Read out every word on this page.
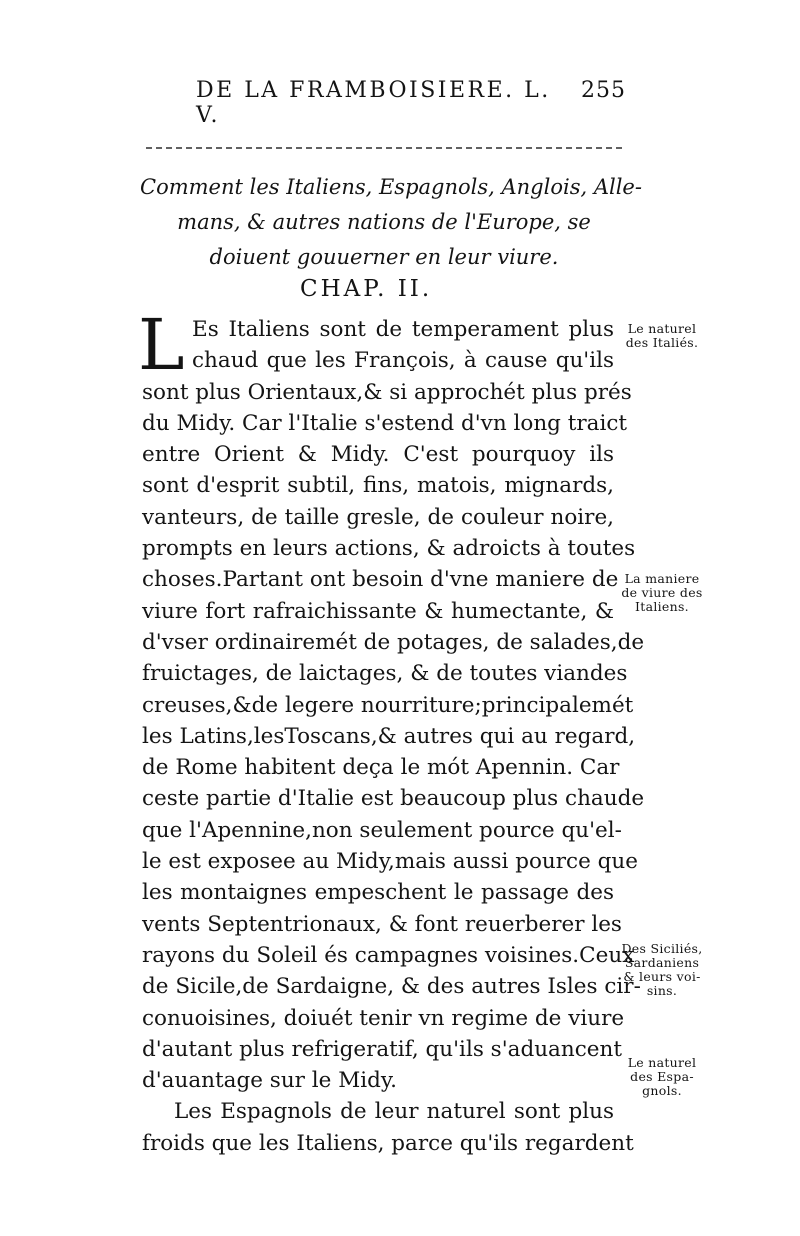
DE LA FRAMBOISIERE. L. V.
255
Comment les Italiens, Espagnols, Anglois, Alle-
mans, & autres nations de l'Europe, se
doiuent gouuerner en leur viure.
CHAP. II.
L Es Italiens sont de temperament plus
chaud que les François, à cause qu'ils
sont plus Orientaux,& si approchét plus prés
du Midy. Car l'Italie s'estend d'vn long traict
entre Orient & Midy. C'est pourquoy ils
sont d'esprit subtil, fins, matois, mignards,
vanteurs, de taille gresle, de couleur noire,
prompts en leurs actions, & adroicts à toutes
choses.Partant ont besoin d'vne maniere de
viure fort rafraichissante & humectante, &
d'vser ordinairemét de potages, de salades,de
fruictages, de laictages, & de toutes viandes
creuses,&de legere nourriture;principalemét
les Latins,lesToscans,& autres qui au regard,
de Rome habitent deça le mót Apennin. Car
ceste partie d'Italie est beaucoup plus chaude
que l'Apennine,non seulement pource qu'el-
le est exposee au Midy,mais aussi pource que
les montaignes empeschent le passage des
vents Septentrionaux, & font reuerberer les
rayons du Soleil és campagnes voisines.Ceux
de Sicile,de Sardaigne, & des autres Isles cir-
conuoisines, doiuét tenir vn regime de viure
d'autant plus refrigeratif, qu'ils s'aduancent
d'auantage sur le Midy.
Les Espagnols de leur naturel sont plus
froids que les Italiens, parce qu'ils regardent
Le naturel
des Italiés.
La maniere
de viure des
Italiens.
Des Siciliés,
Sardaniens
& leurs voi-
sins.
Le naturel
des Espa-
gnols.
